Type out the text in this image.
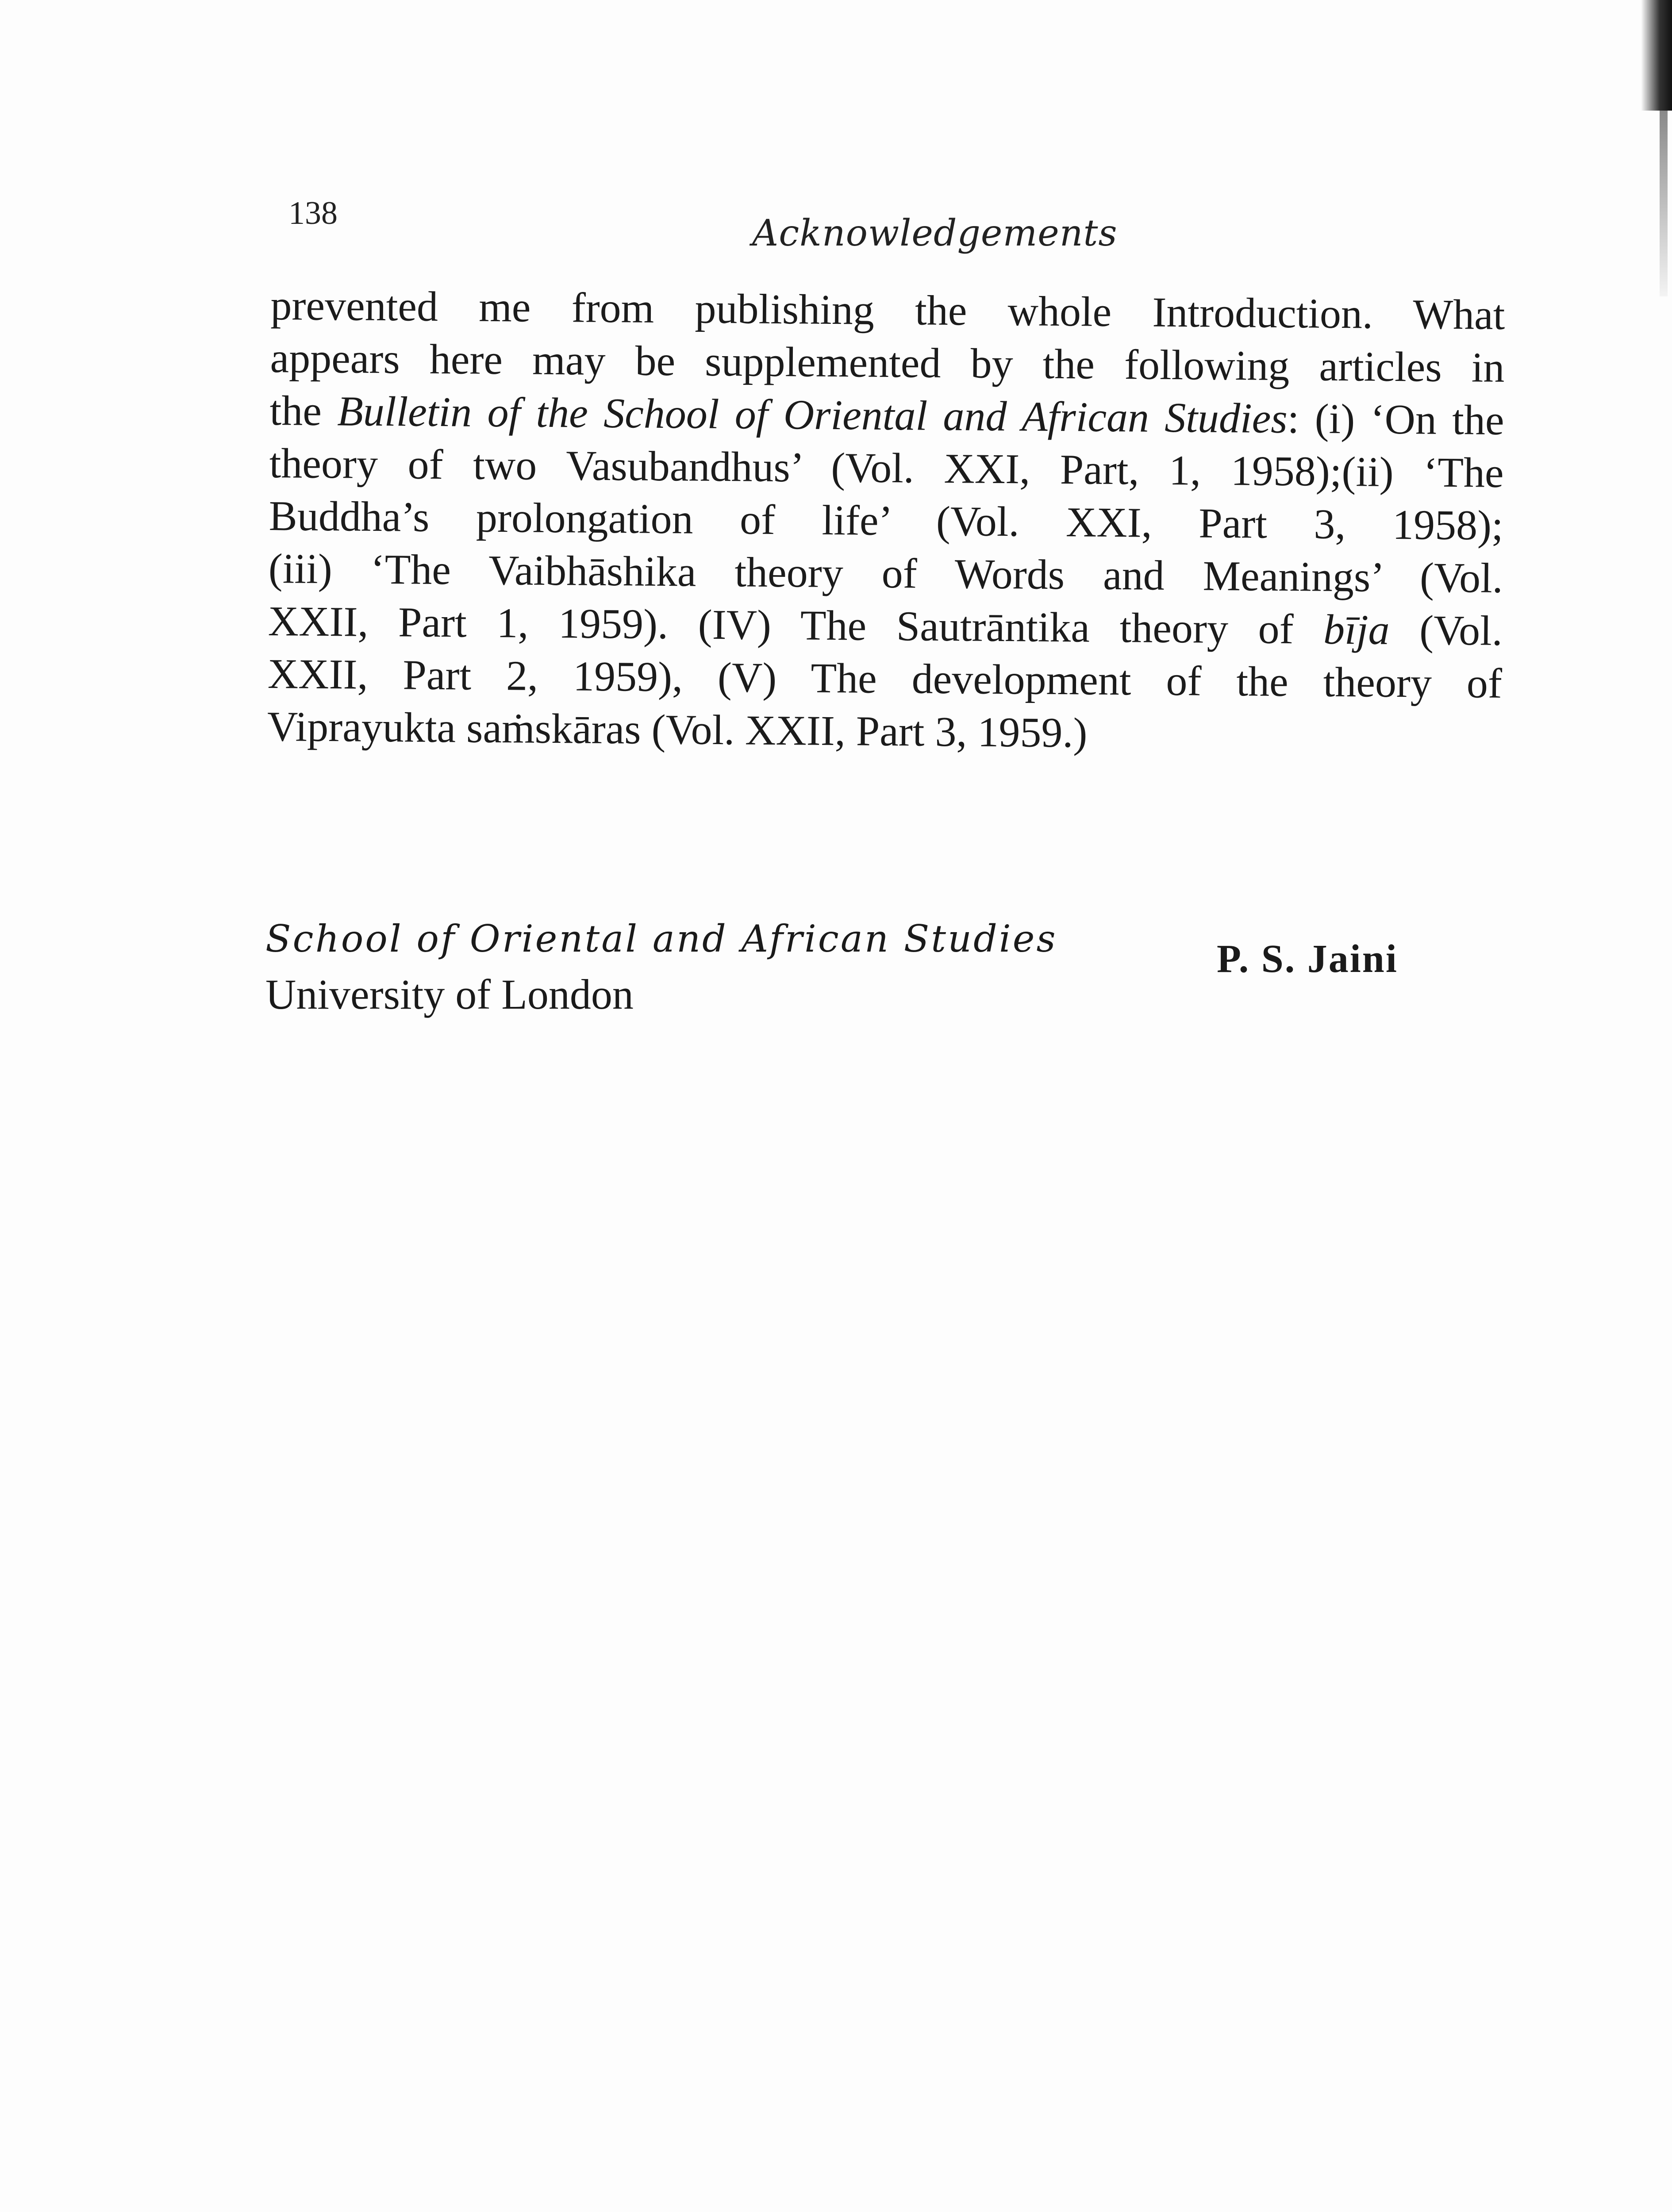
138	Acknowledgements
prevented me from publishing the whole Introduction. What
appears here may be supplemented by the following articles in
the Bulletin of the School of Oriental and African Studies: (i) ‘On the
theory of two Vasubandhus’ (Vol. XXI, Part, 1, 1958);(ii) ‘The
Buddha’s prolongation of life’ (Vol. XXI, Part 3, 1958);
(iii) ‘The Vaibhāshika theory of Words and Meanings’ (Vol.
XXII, Part 1, 1959). (IV) The Sautrāntika theory of bīja (Vol.
XXII, Part 2, 1959), (V) The development of the theory of
Viprayukta saṁskāras (Vol. XXII, Part 3, 1959.)
School of Oriental and African Studies
University of London
P. S. Jaini
